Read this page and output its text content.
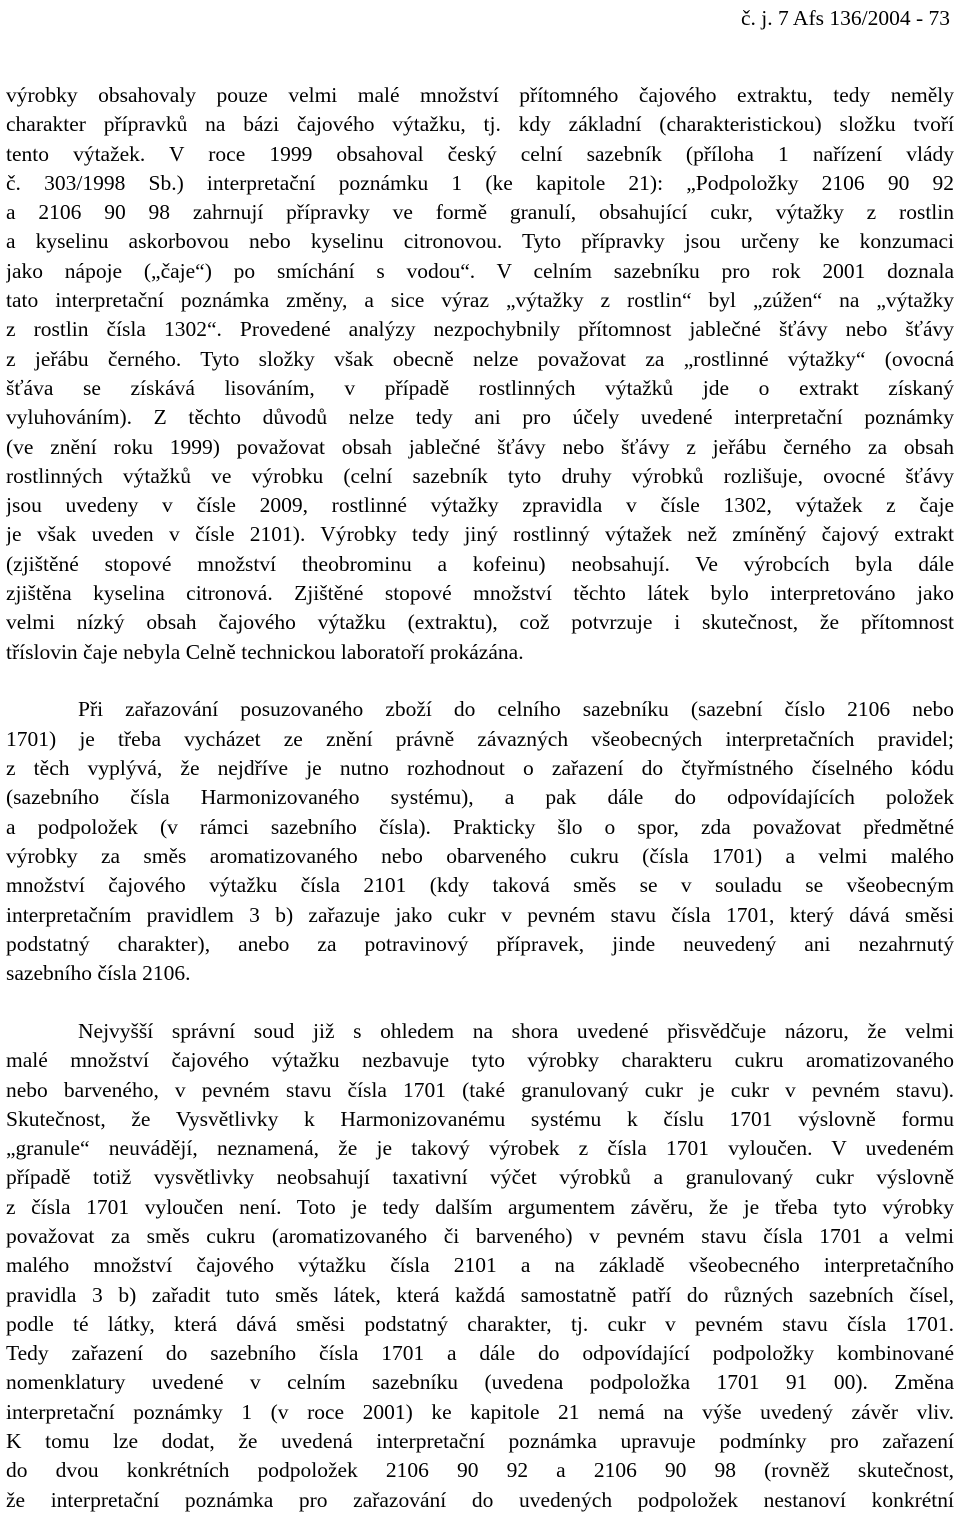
č. j. 7 Afs 136/2004 - 73
výrobky obsahovaly pouze velmi malé množství přítomného čajového extraktu, tedy neměly
charakter přípravků na bázi čajového výtažku, tj. kdy základní (charakteristickou) složku tvoří
tento výtažek. V roce 1999 obsahoval český celní sazebník (příloha 1 nařízení vlády
č. 303/1998 Sb.) interpretační poznámku 1 (ke kapitole 21): „Podpoložky 2106 90 92
a 2106 90 98 zahrnují přípravky ve formě granulí, obsahující cukr, výtažky z rostlin
a kyselinu askorbovou nebo kyselinu citronovou. Tyto přípravky jsou určeny ke konzumaci
jako nápoje („čaje“) po smíchání s vodou“. V celním sazebníku pro rok 2001 doznala
tato interpretační poznámka změny, a sice výraz „výtažky z rostlin“ byl „zúžen“ na „výtažky
z rostlin čísla 1302“. Provedené analýzy nezpochybnily přítomnost jablečné šťávy nebo šťávy
z jeřábu černého. Tyto složky však obecně nelze považovat za „rostlinné výtažky“ (ovocná
šťáva se získává lisováním, v případě rostlinných výtažků jde o extrakt získaný
vyluhováním). Z těchto důvodů nelze tedy ani pro účely uvedené interpretační poznámky
(ve znění roku 1999) považovat obsah jablečné šťávy nebo šťávy z jeřábu černého za obsah
rostlinných výtažků ve výrobku (celní sazebník tyto druhy výrobků rozlišuje, ovocné šťávy
jsou uvedeny v čísle 2009, rostlinné výtažky zpravidla v čísle 1302, výtažek z čaje
je však uveden v čísle 2101). Výrobky tedy jiný rostlinný výtažek než zmíněný čajový extrakt
(zjištěné stopové množství theobrominu a kofeinu) neobsahují. Ve výrobcích byla dále
zjištěna kyselina citronová. Zjištěné stopové množství těchto látek bylo interpretováno jako
velmi nízký obsah čajového výtažku (extraktu), což potvrzuje i skutečnost, že přítomnost
tříslovin čaje nebyla Celně technickou laboratoří prokázána.
Při zařazování posuzovaného zboží do celního sazebníku (sazební číslo 2106 nebo
1701) je třeba vycházet ze znění právně závazných všeobecných interpretačních pravidel;
z těch vyplývá, že nejdříve je nutno rozhodnout o zařazení do čtyřmístného číselného kódu
(sazebního čísla Harmonizovaného systému), a pak dále do odpovídajících položek
a podpoložek (v rámci sazebního čísla). Prakticky šlo o spor, zda považovat předmětné
výrobky za směs aromatizovaného nebo obarveného cukru (čísla 1701) a velmi malého
množství čajového výtažku čísla 2101 (kdy taková směs se v souladu se všeobecným
interpretačním pravidlem 3 b) zařazuje jako cukr v pevném stavu čísla 1701, který dává směsi
podstatný charakter), anebo za potravinový přípravek, jinde neuvedený ani nezahrnutý
sazebního čísla 2106.
Nejvyšší správní soud již s ohledem na shora uvedené přisvědčuje názoru, že velmi
malé množství čajového výtažku nezbavuje tyto výrobky charakteru cukru aromatizovaného
nebo barveného, v pevném stavu čísla 1701 (také granulovaný cukr je cukr v pevném stavu).
Skutečnost, že Vysvětlivky k Harmonizovanému systému k číslu 1701 výslovně formu
„granule“ neuvádějí, neznamená, že je takový výrobek z čísla 1701 vyloučen. V uvedeném
případě totiž vysvětlivky neobsahují taxativní výčet výrobků a granulovaný cukr výslovně
z čísla 1701 vyloučen není. Toto je tedy dalším argumentem závěru, že je třeba tyto výrobky
považovat za směs cukru (aromatizovaného či barveného) v pevném stavu čísla 1701 a velmi
malého množství čajového výtažku čísla 2101 a na základě všeobecného interpretačního
pravidla 3 b) zařadit tuto směs látek, která každá samostatně patří do různých sazebních čísel,
podle té látky, která dává směsi podstatný charakter, tj. cukr v pevném stavu čísla 1701.
Tedy zařazení do sazebního čísla 1701 a dále do odpovídající podpoložky kombinované
nomenklatury uvedené v celním sazebníku (uvedena podpoložka 1701 91 00). Změna
interpretační poznámky 1 (v roce 2001) ke kapitole 21 nemá na výše uvedený závěr vliv.
K tomu lze dodat, že uvedená interpretační poznámka upravuje podmínky pro zařazení
do dvou konkrétních podpoložek 2106 90 92 a 2106 90 98 (rovněž skutečnost,
že interpretační poznámka pro zařazování do uvedených podpoložek nestanoví konkrétní
